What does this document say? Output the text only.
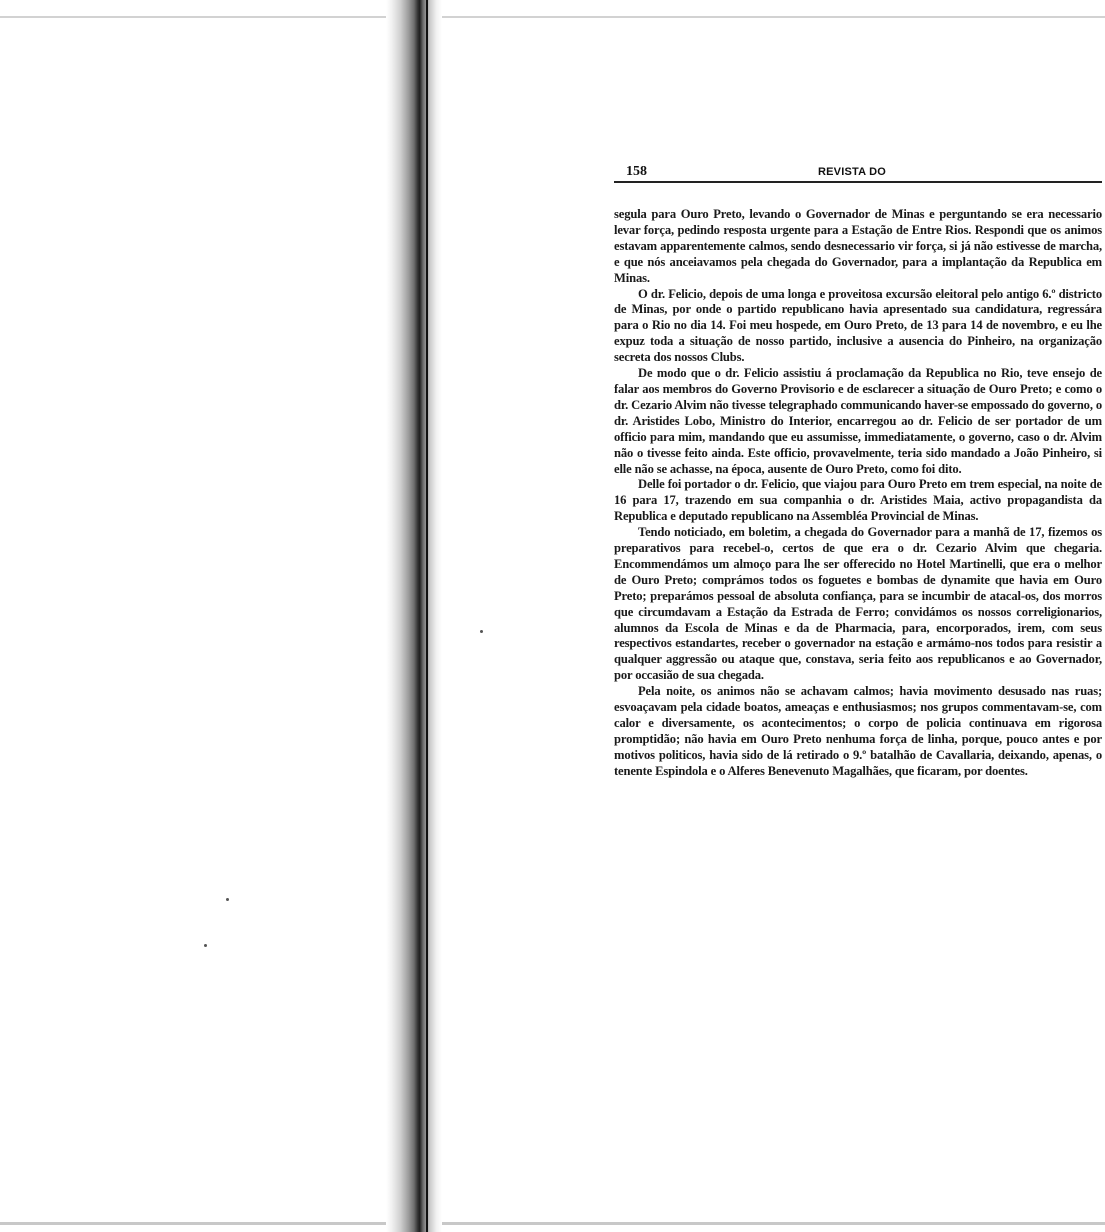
158	REVISTA DO

segula para Ouro Preto, levando o Governador de Minas e perguntando se era necessario levar força, pedindo resposta urgente para a Estação de Entre Rios. Respondi que os animos estavam apparentemente calmos, sendo desnecessario vir força, si já não estivesse de marcha, e que nós anceiavamos pela chegada do Governador, para a implantação da Republica em Minas.

O dr. Felicio, depois de uma longa e proveitosa excursão eleitoral pelo antigo 6.º districto de Minas, por onde o partido republicano havia apresentado sua candidatura, regressára para o Rio no dia 14. Foi meu hospede, em Ouro Preto, de 13 para 14 de novembro, e eu lhe expuz toda a situação de nosso partido, inclusive a ausencia do Pinheiro, na organização secreta dos nossos Clubs.

De modo que o dr. Felicio assistiu á proclamação da Republica no Rio, teve ensejo de falar aos membros do Governo Provisorio e de esclarecer a situação de Ouro Preto; e como o dr. Cezario Alvim não tivesse telegraphado communicando haver-se empossado do governo, o dr. Aristides Lobo, Ministro do Interior, encarregou ao dr. Felicio de ser portador de um officio para mim, mandando que eu assumisse, immediatamente, o governo, caso o dr. Alvim não o tivesse feito ainda. Este officio, provavelmente, teria sido mandado a João Pinheiro, si elle não se achasse, na época, ausente de Ouro Preto, como foi dito.

Delle foi portador o dr. Felicio, que viajou para Ouro Preto em trem especial, na noite de 16 para 17, trazendo em sua companhia o dr. Aristides Maia, activo propagandista da Republica e deputado republicano na Assembléa Provincial de Minas.

Tendo noticiado, em boletim, a chegada do Governador para a manhã de 17, fizemos os preparativos para recebel-o, certos de que era o dr. Cezario Alvim que chegaria. Encommendámos um almoço para lhe ser offerecido no Hotel Martinelli, que era o melhor de Ouro Preto; comprámos todos os foguetes e bombas de dynamite que havia em Ouro Preto; preparámos pessoal de absoluta confiança, para se incumbir de atacal-os, dos morros que circumdavam a Estação da Estrada de Ferro; convidámos os nossos correligionarios, alumnos da Escola de Minas e da de Pharmacia, para, encorporados, irem, com seus respectivos estandartes, receber o governador na estação e armámo-nos todos para resistir a qualquer aggressão ou ataque que, constava, seria feito aos republicanos e ao Governador, por occasião de sua chegada.

Pela noite, os animos não se achavam calmos; havia movimento desusado nas ruas; esvoaçavam pela cidade boatos, ameaças e enthusiasmos; nos grupos commentavam-se, com calor e diversamente, os acontecimentos; o corpo de policia continuava em rigorosa promptidão; não havia em Ouro Preto nenhuma força de linha, porque, pouco antes e por motivos politicos, havia sido de lá retirado o 9.º batalhão de Cavallaria, deixando, apenas, o tenente Espindola e o Alferes Benevenuto Magalhães, que ficaram, por doentes.
